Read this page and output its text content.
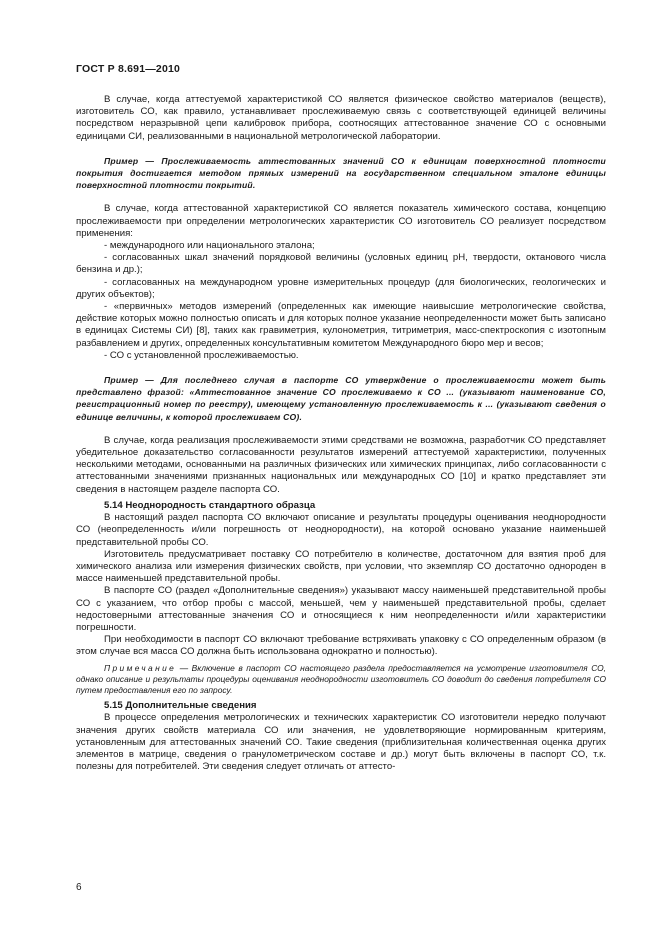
ГОСТ Р 8.691—2010

В случае, когда аттестуемой характеристикой СО является физическое свойство материалов (веществ), изготовитель СО, как правило, устанавливает прослеживаемую связь с соответствующей единицей величины посредством неразрывной цепи калибровок прибора, соотносящих аттестованное значение СО с основными единицами СИ, реализованными в национальной метрологической лаборатории.

Пример — Прослеживаемость аттестованных значений СО к единицам поверхностной плотности покрытия достигается методом прямых измерений на государственном специальном эталоне единицы поверхностной плотности покрытий.

В случае, когда аттестованной характеристикой СО является показатель химического состава, концепцию прослеживаемости при определении метрологических характеристик СО изготовитель СО реализует посредством применения:

- международного или национального эталона;

- согласованных шкал значений порядковой величины (условных единиц pH, твердости, октанового числа бензина и др.);

- согласованных на международном уровне измерительных процедур (для биологических, геологических и других объектов);

- «первичных» методов измерений (определенных как имеющие наивысшие метрологические свойства, действие которых можно полностью описать и для которых полное указание неопределенности может быть записано в единицах Системы СИ) [8], таких как гравиметрия, кулонометрия, титриметрия, масс-спектроскопия с изотопным разбавлением и других, определенных консультативным комитетом Международного бюро мер и весов;

- СО с установленной прослеживаемостью.

Пример — Для последнего случая в паспорте СО утверждение о прослеживаемости может быть представлено фразой: «Аттестованное значение СО прослеживаемо к СО ... (указывают наименование СО, регистрационный номер по реестру), имеющему установленную прослеживаемость к ... (указывают сведения о единице величины, к которой прослеживаем СО).

В случае, когда реализация прослеживаемости этими средствами не возможна, разработчик СО представляет убедительное доказательство согласованности результатов измерений аттестуемой характеристики, полученных несколькими методами, основанными на различных физических или химических принципах, либо согласованности с аттестованными значениями признанных национальных или международных СО [10] и кратко представляет эти сведения в настоящем разделе паспорта СО.

5.14 Неоднородность стандартного образца

В настоящий раздел паспорта СО включают описание и результаты процедуры оценивания неоднородности СО (неопределенность и/или погрешность от неоднородности), на которой основано указание наименьшей представительной пробы СО.

Изготовитель предусматривает поставку СО потребителю в количестве, достаточном для взятия проб для химического анализа или измерения физических свойств, при условии, что экземпляр СО достаточно однороден в массе наименьшей представительной пробы.

В паспорте СО (раздел «Дополнительные сведения») указывают массу наименьшей представительной пробы СО с указанием, что отбор пробы с массой, меньшей, чем у наименьшей представительной пробы, сделает недостоверными аттестованные значения СО и относящиеся к ним неопределенности и/или характеристики погрешности.

При необходимости в паспорт СО включают требование встряхивать упаковку с СО определенным образом (в этом случае вся масса СО должна быть использована однократно и полностью).

Примечание — Включение в паспорт СО настоящего раздела предоставляется на усмотрение изготовителя СО, однако описание и результаты процедуры оценивания неоднородности изготовитель СО доводит до сведения потребителя СО путем предоставления его по запросу.

5.15 Дополнительные сведения

В процессе определения метрологических и технических характеристик СО изготовители нередко получают значения других свойств материала СО или значения, не удовлетворяющие нормированным критериям, установленным для аттестованных значений СО. Такие сведения (приблизительная количественная оценка других элементов в матрице, сведения о гранулометрическом составе и др.) могут быть включены в паспорт СО, т.к. полезны для потребителей. Эти сведения следует отличать от аттесто-

6
